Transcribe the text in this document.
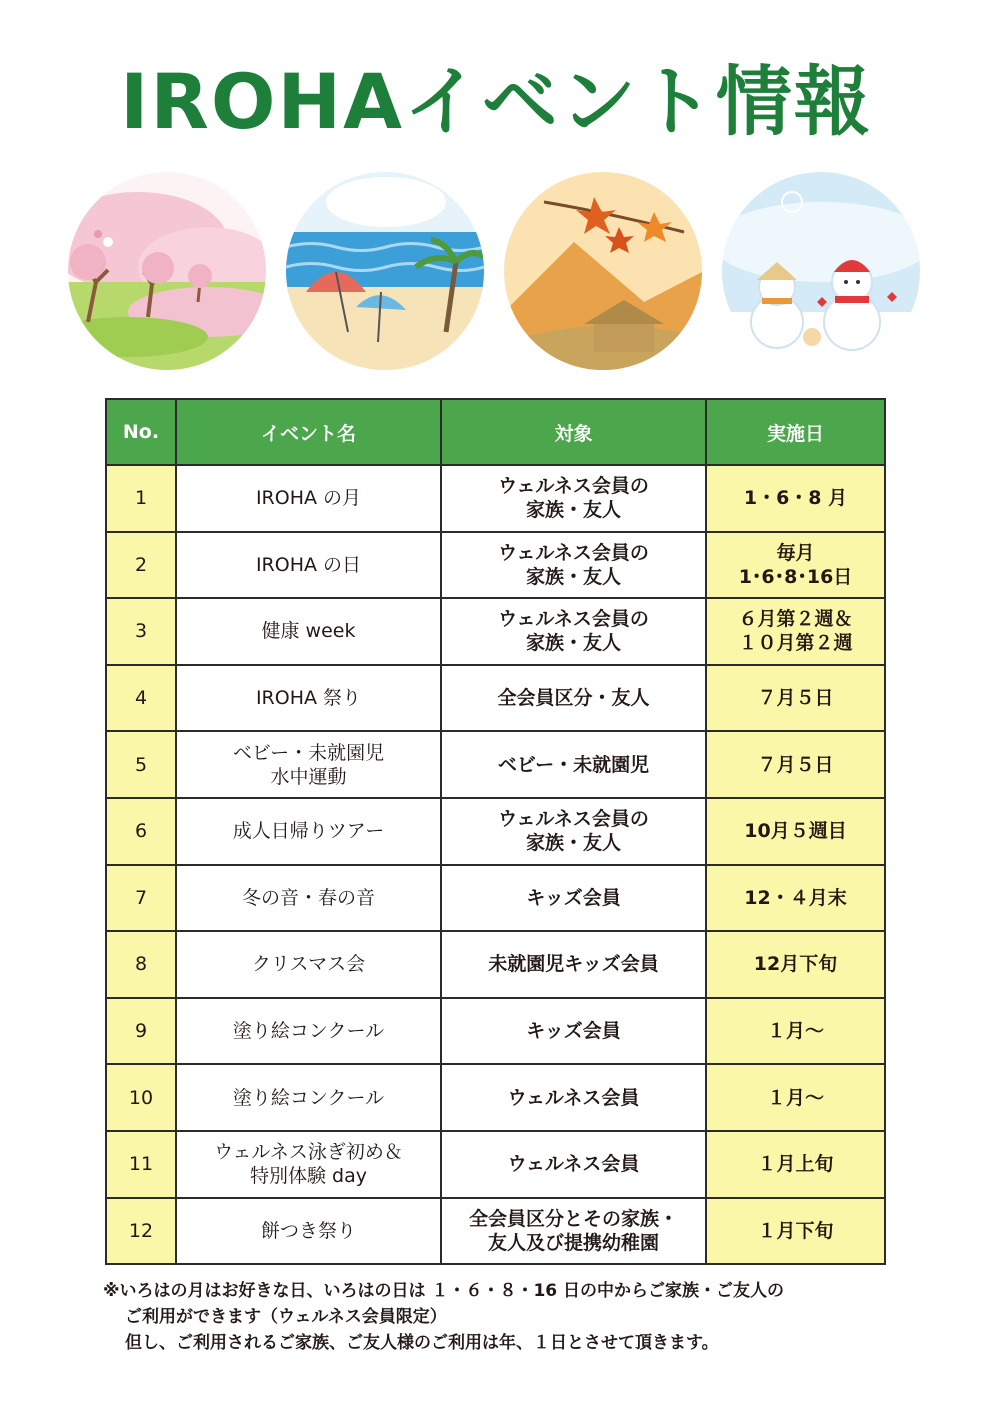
IROHAイベント情報
No.	イベント名	対象	実施日
1	IROHA の月	ウェルネス会員の
家族・友人	1・6・8 月

2	IROHA の日	ウェルネス会員の
家族・友人	毎月
1･6･8･16日

3	健康 week	ウェルネス会員の
家族・友人	６月第２週＆
１０月第２週

4	IROHA 祭り	全会員区分・友人	７月５日

5	ベビー・未就園児
水中運動	ベビー・未就園児	７月５日

6	成人日帰りツアー	ウェルネス会員の
家族・友人	10月５週目

7	冬の音・春の音	キッズ会員	12・４月末

8	クリスマス会	未就園児キッズ会員	12月下旬

9	塗り絵コンクール	キッズ会員	１月～

10	塗り絵コンクール	ウェルネス会員	１月～

11	ウェルネス泳ぎ初め＆
特別体験 day	ウェルネス会員	１月上旬

12	餅つき祭り	全会員区分とその家族・
友人及び提携幼稚園	１月下旬
※いろはの月はお好きな日、いろはの日は １・６・８・16 日の中からご家族・ご友人の
ご利用ができます（ウェルネス会員限定）
但し、ご利用されるご家族、ご友人様のご利用は年、１日とさせて頂きます。
